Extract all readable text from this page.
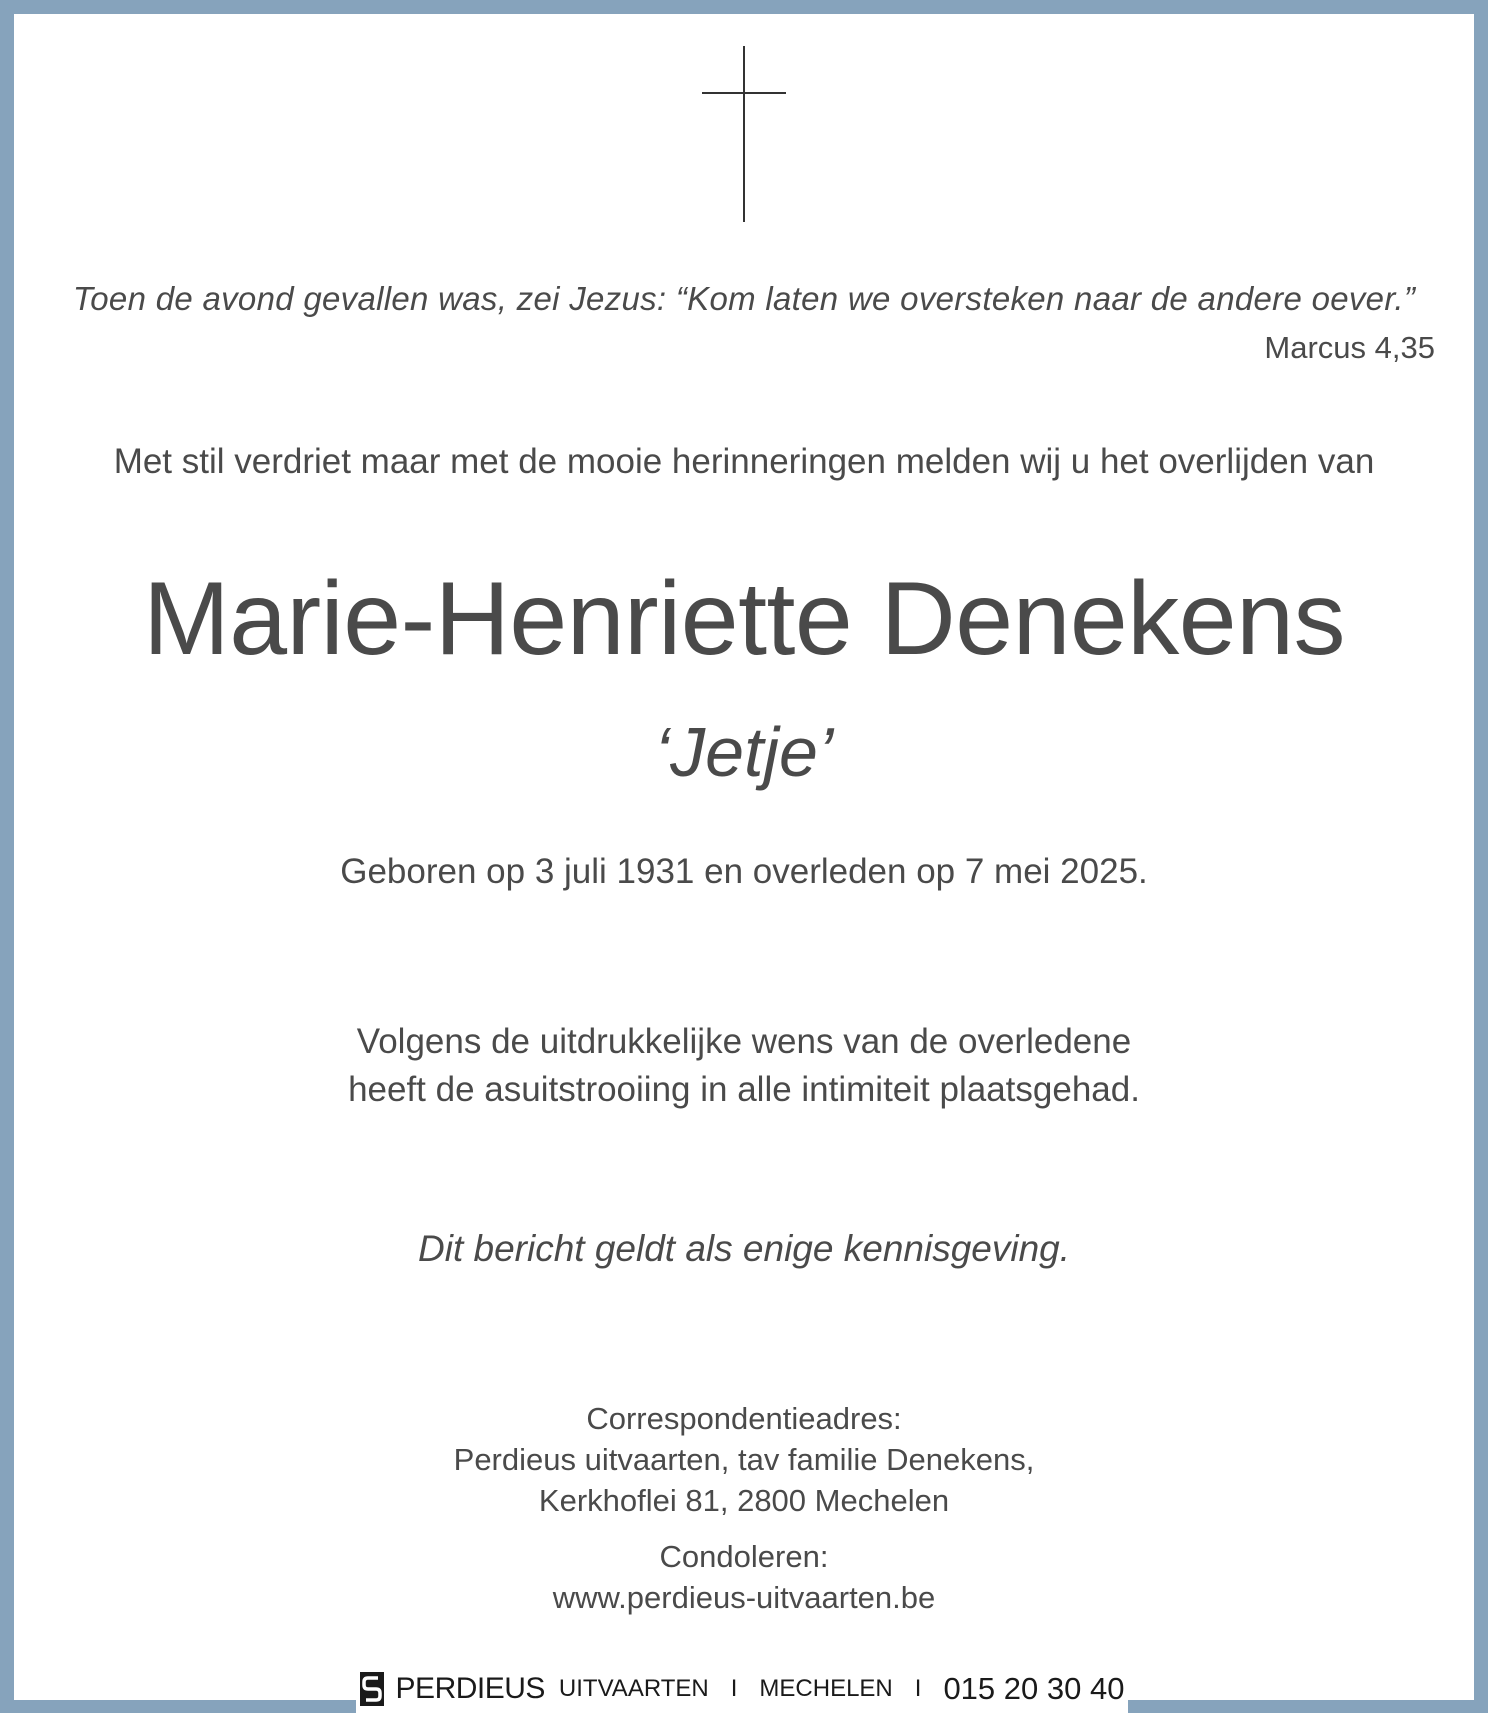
Toen de avond gevallen was, zei Jezus: “Kom laten we oversteken naar de andere oever.”
Marcus 4,35
Met stil verdriet maar met de mooie herinneringen melden wij u het overlijden van
Marie-Henriette Denekens
‘Jetje’
Geboren op 3 juli 1931 en overleden op 7 mei 2025.
Volgens de uitdrukkelijke wens van de overledene
heeft de asuitstrooiing in alle intimiteit plaatsgehad.
Dit bericht geldt als enige kennisgeving.
Correspondentieadres:
Perdieus uitvaarten, tav familie Denekens,
Kerkhoflei 81, 2800 Mechelen
Condoleren:
www.perdieus-uitvaarten.be
PERDIEUS UITVAARTEN I MECHELEN I 015 20 30 40
